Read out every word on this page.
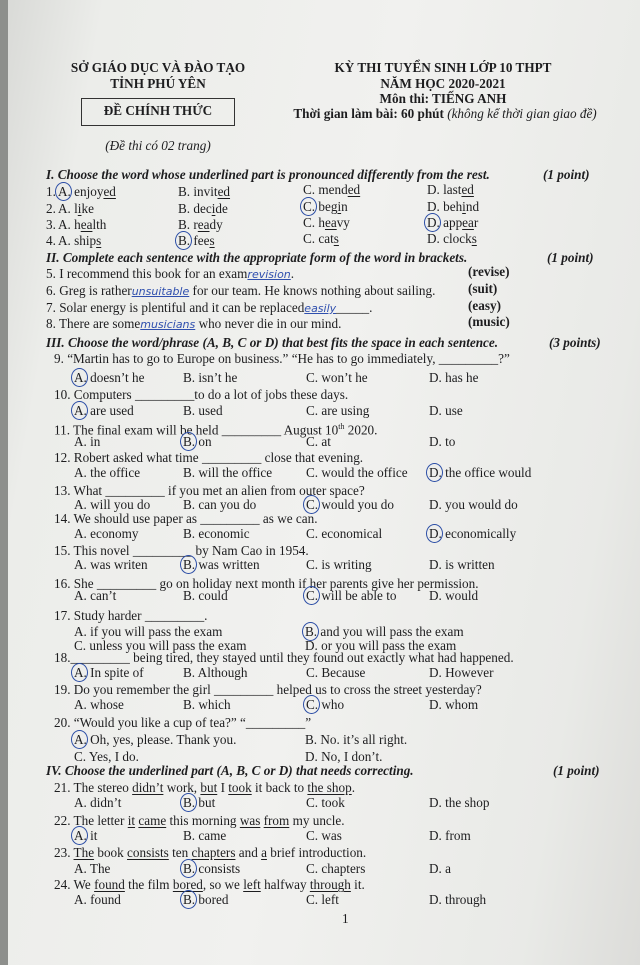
SỞ GIÁO DỤC VÀ ĐÀO TẠO
TỈNH PHÚ YÊN
ĐỀ CHÍNH THỨC
(Đề thi có 02 trang)
KỲ THI TUYỂN SINH LỚP 10 THPT
NĂM HỌC 2020-2021
Môn thi: TIẾNG ANH
Thời gian làm bài: 60 phút (không kể thời gian giao đề)
I. Choose the word whose underlined part is pronounced differently from the rest.	(1 point)
1. A. enjoyed	B. invited	C. mended	D. lasted
2. A. like	B. decide	C. begin	D. behind
3. A. health	B. ready	C. heavy	D. appear
4. A. ships	B. fees	C. cats	D. clocks
II. Complete each sentence with the appropriate form of the word in brackets.	(1 point)
5. I recommend this book for an examrevision.	(revise)
6. Greg is ratherunsuitable for our team. He knows nothing about sailing. (suit)
7. Solar energy is plentiful and it can be replacedeasily_____.	(easy)
8. There are somemusicians who never die in our mind.	(music)
III. Choose the word/phrase (A, B, C or D) that best fits the space in each sentence.	(3 points)
9. “Martin has to go to Europe on business.” “He has to go immediately, _________?”
A. doesn’t he	B. isn’t he	C. won’t he	D. has he
10. Computers _________to do a lot of jobs these days.
A. are used	B. used	C. are using	D. use
11. The final exam will be held _________ August 10th 2020.
A. in	B. on	C. at	D. to
12. Robert asked what time _________ close that evening.
A. the office	B. will the office	C. would the office D. the office would
13. What _________ if you met an alien from outer space?
A. will you do B. can you do	C. would you do	D. you would do
14. We should use paper as _________ as we can.
A. economy	B. economic	C. economical	D. economically
15. This novel _________ by Nam Cao in 1954.
A. was writen	B. was written	C. is writing	D. is written
16. She _________ go on holiday next month if her parents give her permission.
A. can’t	B. could	C. will be able to D. would
17. Study harder _________.
A. if you will pass the exam	B. and you will pass the exam
C. unless you will pass the exam	D. or you will pass the exam
18._________ being tired, they stayed until they found out exactly what had happened.
A. In spite of	B. Although	C. Because	D. However
19. Do you remember the girl _________ helped us to cross the street yesterday?
A. whose	B. which	C. who	D. whom
20. “Would you like a cup of tea?” “_________”
A. Oh, yes, please. Thank you.	B. No. it’s all right.
C. Yes, I do.	D. No, I don’t.
IV. Choose the underlined part (A, B, C or D) that needs correcting.	(1 point)
21. The stereo didn’t work, but I took it back to the shop.
A. didn’t	B. but	C. took	D. the shop
22. The letter it came this morning was from my uncle.
A. it	B. came	C. was	D. from
23. The book consists ten chapters and a brief introduction.
A. The	B. consists	C. chapters	D. a
24. We found the film bored, so we left halfway through it.
A. found	B. bored	C. left	D. through
1
